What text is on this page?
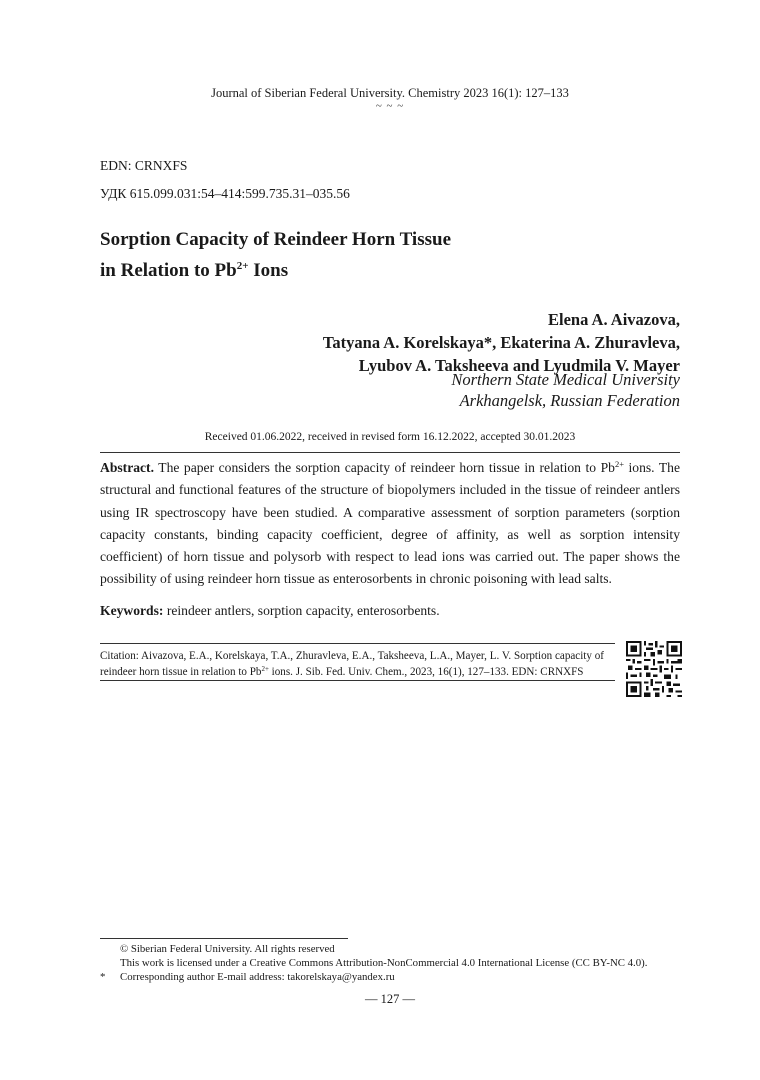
Journal of Siberian Federal University. Chemistry 2023 16(1): 127–133
~ ~ ~
EDN: CRNXFS
УДК 615.099.031:54–414:599.735.31–035.56
Sorption Capacity of Reindeer Horn Tissue
in Relation to $Pb^{2+}$ Ions
Elena A. Aivazova,
Tatyana A. Korelskaya*, Ekaterina A. Zhuravleva,
Lyubov A. Taksheeva and Lyudmila V. Mayer
Northern State Medical University
Arkhangelsk, Russian Federation
Received 01.06.2022, received in revised form 16.12.2022, accepted 30.01.2023
Abstract. The paper considers the sorption capacity of reindeer horn tissue in relation to $Pb^{2+}$ ions. The structural and functional features of the structure of biopolymers included in the tissue of reindeer antlers using IR spectroscopy have been studied. A comparative assessment of sorption parameters (sorption capacity constants, binding capacity coefficient, degree of affinity, as well as sorption intensity coefficient) of horn tissue and polysorb with respect to lead ions was carried out. The paper shows the possibility of using reindeer horn tissue as enterosorbents in chronic poisoning with lead salts.
Keywords: reindeer antlers, sorption capacity, enterosorbents.
Citation: Aivazova, E.A., Korelskaya, T.A., Zhuravleva, E.A., Taksheeva, L.A., Mayer, L. V. Sorption capacity of reindeer horn tissue in relation to $Pb^{2+}$ ions. J. Sib. Fed. Univ. Chem., 2023, 16(1), 127–133. EDN: CRNXFS
© Siberian Federal University. All rights reserved
This work is licensed under a Creative Commons Attribution-NonCommercial 4.0 International License (CC BY-NC 4.0).
* Corresponding author E-mail address: takorelskaya@yandex.ru
― 127 ―
